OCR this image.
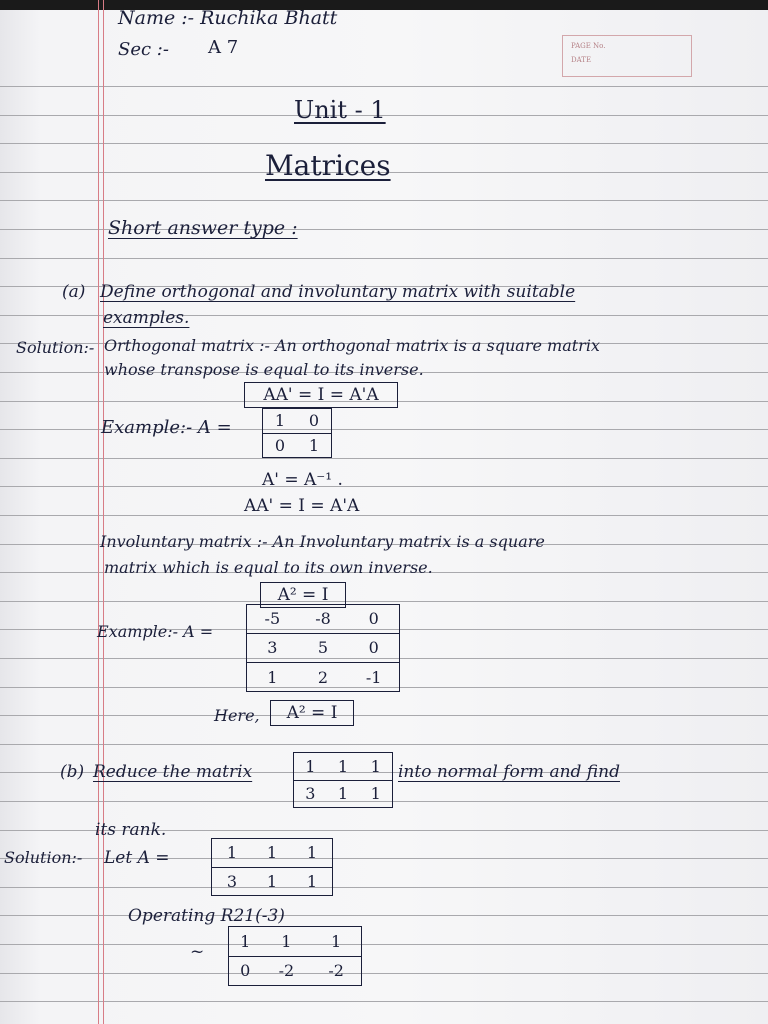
PAGE No.
DATE
Name :- Ruchika Bhatt
Sec :- A 7
Unit - 1
Matrices
Short answer type :
(a) Define orthogonal and involuntary matrix with suitable
examples.
Solution:- Orthogonal matrix :- An orthogonal matrix is a square matrix
whose transpose is equal to its inverse.
AA' = I = A'A
Example:- A =	1	0
0	1
A' = A⁻¹ .
AA' = I = A'A
Involuntary matrix :- An Involuntary matrix is a square
matrix which is equal to its own inverse.
A² = I
Example:- A =
-5	-8	0
3	5	0
1	2	-1
Here,	A² = I
(b) Reduce the matrix	1	1	1
3	1	1
into normal form and find
its rank.
Solution:- Let A =	1	1	1
3	1	1
Operating R21(-3)
~
1	1	1
0	-2	-2
